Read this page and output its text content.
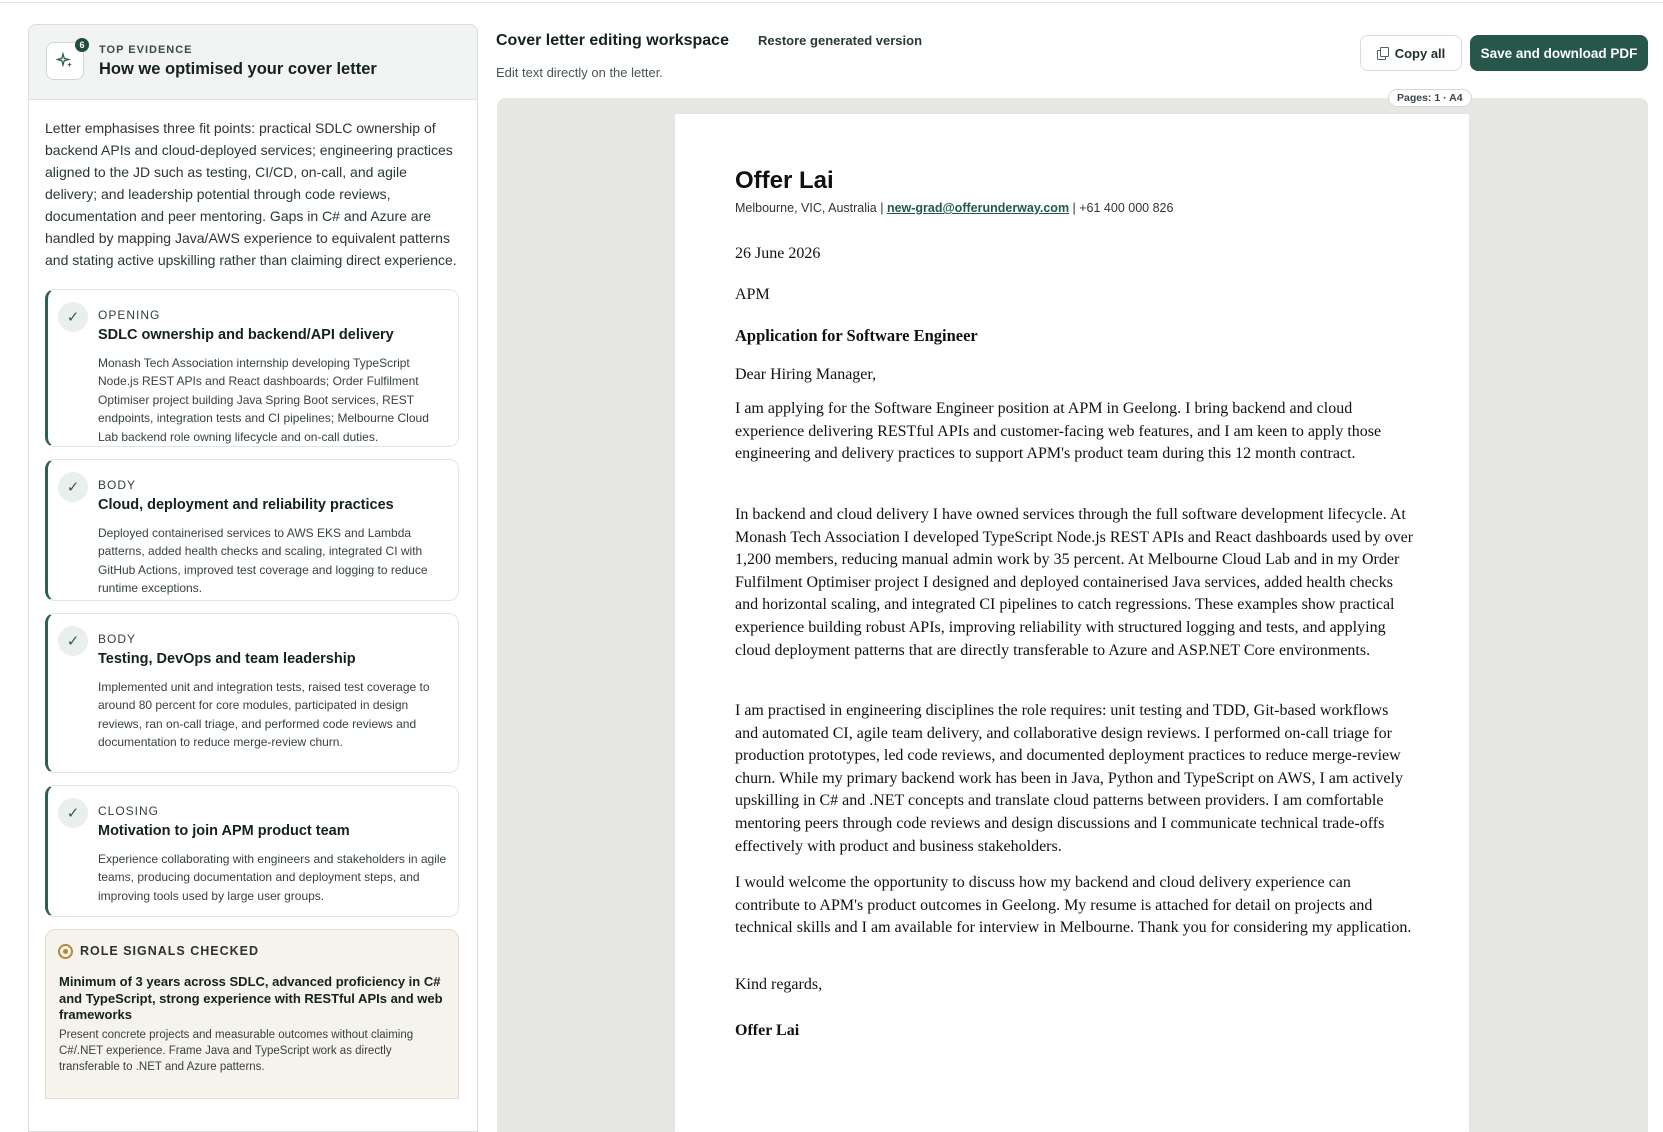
6	TOP EVIDENCE
How we optimised your cover letter

Letter emphasises three fit points: practical SDLC ownership of backend APIs and cloud-deployed services; engineering practices aligned to the JD such as testing, CI/CD, on-call, and agile delivery; and leadership potential through code reviews, documentation and peer mentoring. Gaps in C# and Azure are handled by mapping Java/AWS experience to equivalent patterns and stating active upskilling rather than claiming direct experience.

✓	OPENING
SDLC ownership and backend/API delivery
Monash Tech Association internship developing TypeScript Node.js REST APIs and React dashboards; Order Fulfilment Optimiser project building Java Spring Boot services, REST endpoints, integration tests and CI pipelines; Melbourne Cloud Lab backend role owning lifecycle and on-call duties.
✓	BODY
Cloud, deployment and reliability practices
Deployed containerised services to AWS EKS and Lambda patterns, added health checks and scaling, integrated CI with GitHub Actions, improved test coverage and logging to reduce runtime exceptions.
✓	BODY
Testing, DevOps and team leadership
Implemented unit and integration tests, raised test coverage to around 80 percent for core modules, participated in design reviews, ran on-call triage, and performed code reviews and documentation to reduce merge-review churn.
✓	CLOSING
Motivation to join APM product team
Experience collaborating with engineers and stakeholders in agile teams, producing documentation and deployment steps, and improving tools used by large user groups.
ROLE SIGNALS CHECKED
Minimum of 3 years across SDLC, advanced proficiency in C# and TypeScript, strong experience with RESTful APIs and web frameworks
Present concrete projects and measurable outcomes without claiming C#/.NET experience. Frame Java and TypeScript work as directly transferable to .NET and Azure patterns.
Cover letter editing workspace Restore generated version
Edit text directly on the letter.
Copy all	Save and download PDF
Pages: 1 · A4
Offer Lai
Melbourne, VIC, Australia | new-grad@offerunderway.com | +61 400 000 826
26 June 2026
APM
Application for Software Engineer
Dear Hiring Manager,

I am applying for the Software Engineer position at APM in Geelong. I bring backend and cloud experience delivering RESTful APIs and customer-facing web features, and I am keen to apply those engineering and delivery practices to support APM's product team during this 12 month contract.

In backend and cloud delivery I have owned services through the full software development lifecycle. At Monash Tech Association I developed TypeScript Node.js REST APIs and React dashboards used by over 1,200 members, reducing manual admin work by 35 percent. At Melbourne Cloud Lab and in my Order Fulfilment Optimiser project I designed and deployed containerised Java services, added health checks and horizontal scaling, and integrated CI pipelines to catch regressions. These examples show practical experience building robust APIs, improving reliability with structured logging and tests, and applying cloud deployment patterns that are directly transferable to Azure and ASP.NET Core environments.

I am practised in engineering disciplines the role requires: unit testing and TDD, Git-based workflows and automated CI, agile team delivery, and collaborative design reviews. I performed on-call triage for production prototypes, led code reviews, and documented deployment practices to reduce merge-review churn. While my primary backend work has been in Java, Python and TypeScript on AWS, I am actively upskilling in C# and .NET concepts and translate cloud patterns between providers. I am comfortable mentoring peers through code reviews and design discussions and I communicate technical trade-offs effectively with product and business stakeholders.

I would welcome the opportunity to discuss how my backend and cloud delivery experience can contribute to APM's product outcomes in Geelong. My resume is attached for detail on projects and technical skills and I am available for interview in Melbourne. Thank you for considering my application.

Kind regards,
Offer Lai
